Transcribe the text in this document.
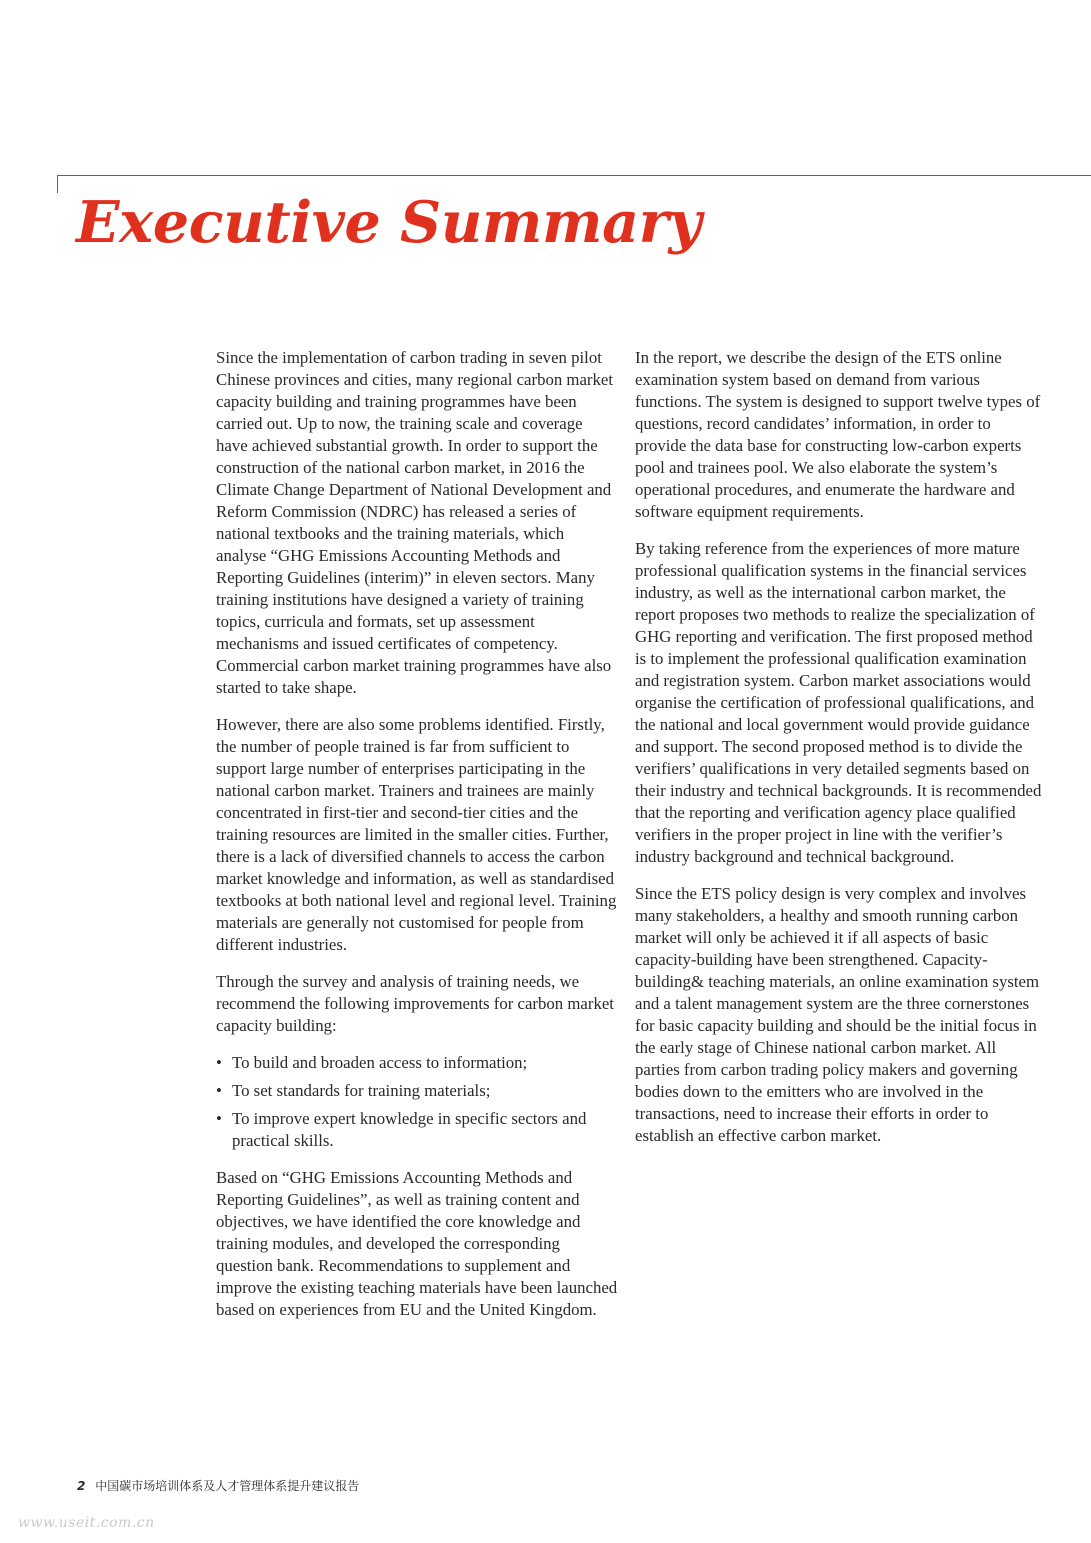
Executive Summary

Since the implementation of carbon trading in seven pilot Chinese provinces and cities, many regional carbon market capacity building and training programmes have been carried out. Up to now, the training scale and coverage have achieved substantial growth. In order to support the construction of the national carbon market, in 2016 the Climate Change Department of National Development and Reform Commission (NDRC) has released a series of national textbooks and the training materials, which analyse “GHG Emissions Accounting Methods and Reporting Guidelines (interim)” in eleven sectors. Many training institutions have designed a variety of training topics, curricula and formats, set up assessment mechanisms and issued certificates of competency. Commercial carbon market training programmes have also started to take shape.

However, there are also some problems identified. Firstly, the number of people trained is far from sufficient to support large number of enterprises participating in the national carbon market. Trainers and trainees are mainly concentrated in first-tier and second-tier cities and the training resources are limited in the smaller cities. Further, there is a lack of diversified channels to access the carbon market knowledge and information, as well as standardised textbooks at both national level and regional level. Training materials are generally not customised for people from different industries.

Through the survey and analysis of training needs, we recommend the following improvements for carbon market capacity building:

• To build and broaden access to information;
• To set standards for training materials;
• To improve expert knowledge in specific sectors and practical skills.

Based on “GHG Emissions Accounting Methods and Reporting Guidelines”, as well as training content and objectives, we have identified the core knowledge and training modules, and developed the corresponding question bank. Recommendations to supplement and improve the existing teaching materials have been launched based on experiences from EU and the United Kingdom.

In the report, we describe the design of the ETS online examination system based on demand from various functions. The system is designed to support twelve types of questions, record candidates’ information, in order to provide the data base for constructing low-carbon experts pool and trainees pool. We also elaborate the system’s operational procedures, and enumerate the hardware and software equipment requirements.

By taking reference from the experiences of more mature professional qualification systems in the financial services industry, as well as the international carbon market, the report proposes two methods to realize the specialization of GHG reporting and verification. The first proposed method is to implement the professional qualification examination and registration system. Carbon market associations would organise the certification of professional qualifications, and the national and local government would provide guidance and support. The second proposed method is to divide the verifiers’ qualifications in very detailed segments based on their industry and technical backgrounds. It is recommended that the reporting and verification agency place qualified verifiers in the proper project in line with the verifier’s industry background and technical background.

Since the ETS policy design is very complex and involves many stakeholders, a healthy and smooth running carbon market will only be achieved it if all aspects of basic capacity-building have been strengthened. Capacity-building& teaching materials, an online examination system and a talent management system are the three cornerstones for basic capacity building and should be the initial focus in the early stage of Chinese national carbon market. All parties from carbon trading policy makers and governing bodies down to the emitters who are involved in the transactions, need to increase their efforts in order to establish an effective carbon market.

2 中国碳市场培训体系及人才管理体系提升建议报告
www.useit.com.cn
